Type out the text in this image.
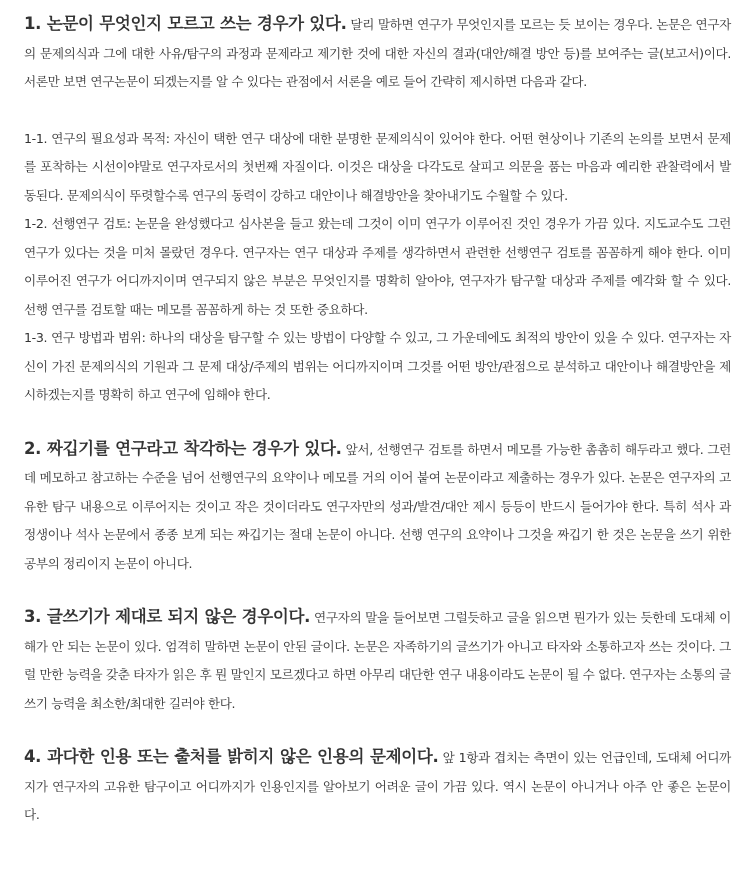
1. 논문이 무엇인지 모르고 쓰는 경우가 있다. 달리 말하면 연구가 무엇인지를 모르는 듯 보이는 경우다. 논문은 연구자의 문제의식과 그에 대한 사유/탐구의 과정과 문제라고 제기한 것에 대한 자신의 결과(대안/해결 방안 등)를 보여주는 글(보고서)이다. 서론만 보면 연구논문이 되겠는지를 알 수 있다는 관점에서 서론을 예로 들어 간략히 제시하면 다음과 같다.

1-1. 연구의 필요성과 목적: 자신이 택한 연구 대상에 대한 분명한 문제의식이 있어야 한다. 어떤 현상이나 기존의 논의를 보면서 문제를 포착하는 시선이야말로 연구자로서의 첫번째 자질이다. 이것은 대상을 다각도로 살피고 의문을 품는 마음과 예리한 관찰력에서 발동된다. 문제의식이 뚜렷할수록 연구의 동력이 강하고 대안이나 해결방안을 찾아내기도 수월할 수 있다.

1-2. 선행연구 검토: 논문을 완성했다고 심사본을 들고 왔는데 그것이 이미 연구가 이루어진 것인 경우가 가끔 있다. 지도교수도 그런 연구가 있다는 것을 미처 몰랐던 경우다. 연구자는 연구 대상과 주제를 생각하면서 관련한 선행연구 검토를 꼼꼼하게 해야 한다. 이미 이루어진 연구가 어디까지이며 연구되지 않은 부분은 무엇인지를 명확히 알아야, 연구자가 탐구할 대상과 주제를 예각화 할 수 있다. 선행 연구를 검토할 때는 메모를 꼼꼼하게 하는 것 또한 중요하다.

1-3. 연구 방법과 범위: 하나의 대상을 탐구할 수 있는 방법이 다양할 수 있고, 그 가운데에도 최적의 방안이 있을 수 있다. 연구자는 자신이 가진 문제의식의 기원과 그 문제 대상/주제의 범위는 어디까지이며 그것를 어떤 방안/관점으로 분석하고 대안이나 해결방안을 제시하겠는지를 명확히 하고 연구에 임해야 한다.

2. 짜깁기를 연구라고 착각하는 경우가 있다. 앞서, 선행연구 검토를 하면서 메모를 가능한 촘촘히 해두라고 했다. 그런데 메모하고 참고하는 수준을 넘어 선행연구의 요약이나 메모를 거의 이어 붙여 논문이라고 제출하는 경우가 있다. 논문은 연구자의 고유한 탐구 내용으로 이루어지는 것이고 작은 것이더라도 연구자만의 성과/발견/대안 제시 등등이 반드시 들어가야 한다. 특히 석사 과정생이나 석사 논문에서 종종 보게 되는 짜깁기는 절대 논문이 아니다. 선행 연구의 요약이나 그것을 짜깁기 한 것은 논문을 쓰기 위한 공부의 정리이지 논문이 아니다.

3. 글쓰기가 제대로 되지 않은 경우이다. 연구자의 말을 들어보면 그럴듯하고 글을 읽으면 뭔가가 있는 듯한데 도대체 이해가 안 되는 논문이 있다. 엄격히 말하면 논문이 안된 글이다. 논문은 자족하기의 글쓰기가 아니고 타자와 소통하고자 쓰는 것이다. 그럴 만한 능력을 갖춘 타자가 읽은 후 뭔 말인지 모르겠다고 하면 아무리 대단한 연구 내용이라도 논문이 될 수 없다. 연구자는 소통의 글쓰기 능력을 최소한/최대한 길러야 한다.

4. 과다한 인용 또는 출처를 밝히지 않은 인용의 문제이다. 앞 1항과 겹치는 측면이 있는 언급인데, 도대체 어디까지가 연구자의 고유한 탐구이고 어디까지가 인용인지를 알아보기 어려운 글이 가끔 있다. 역시 논문이 아니거나 아주 안 좋은 논문이다.
